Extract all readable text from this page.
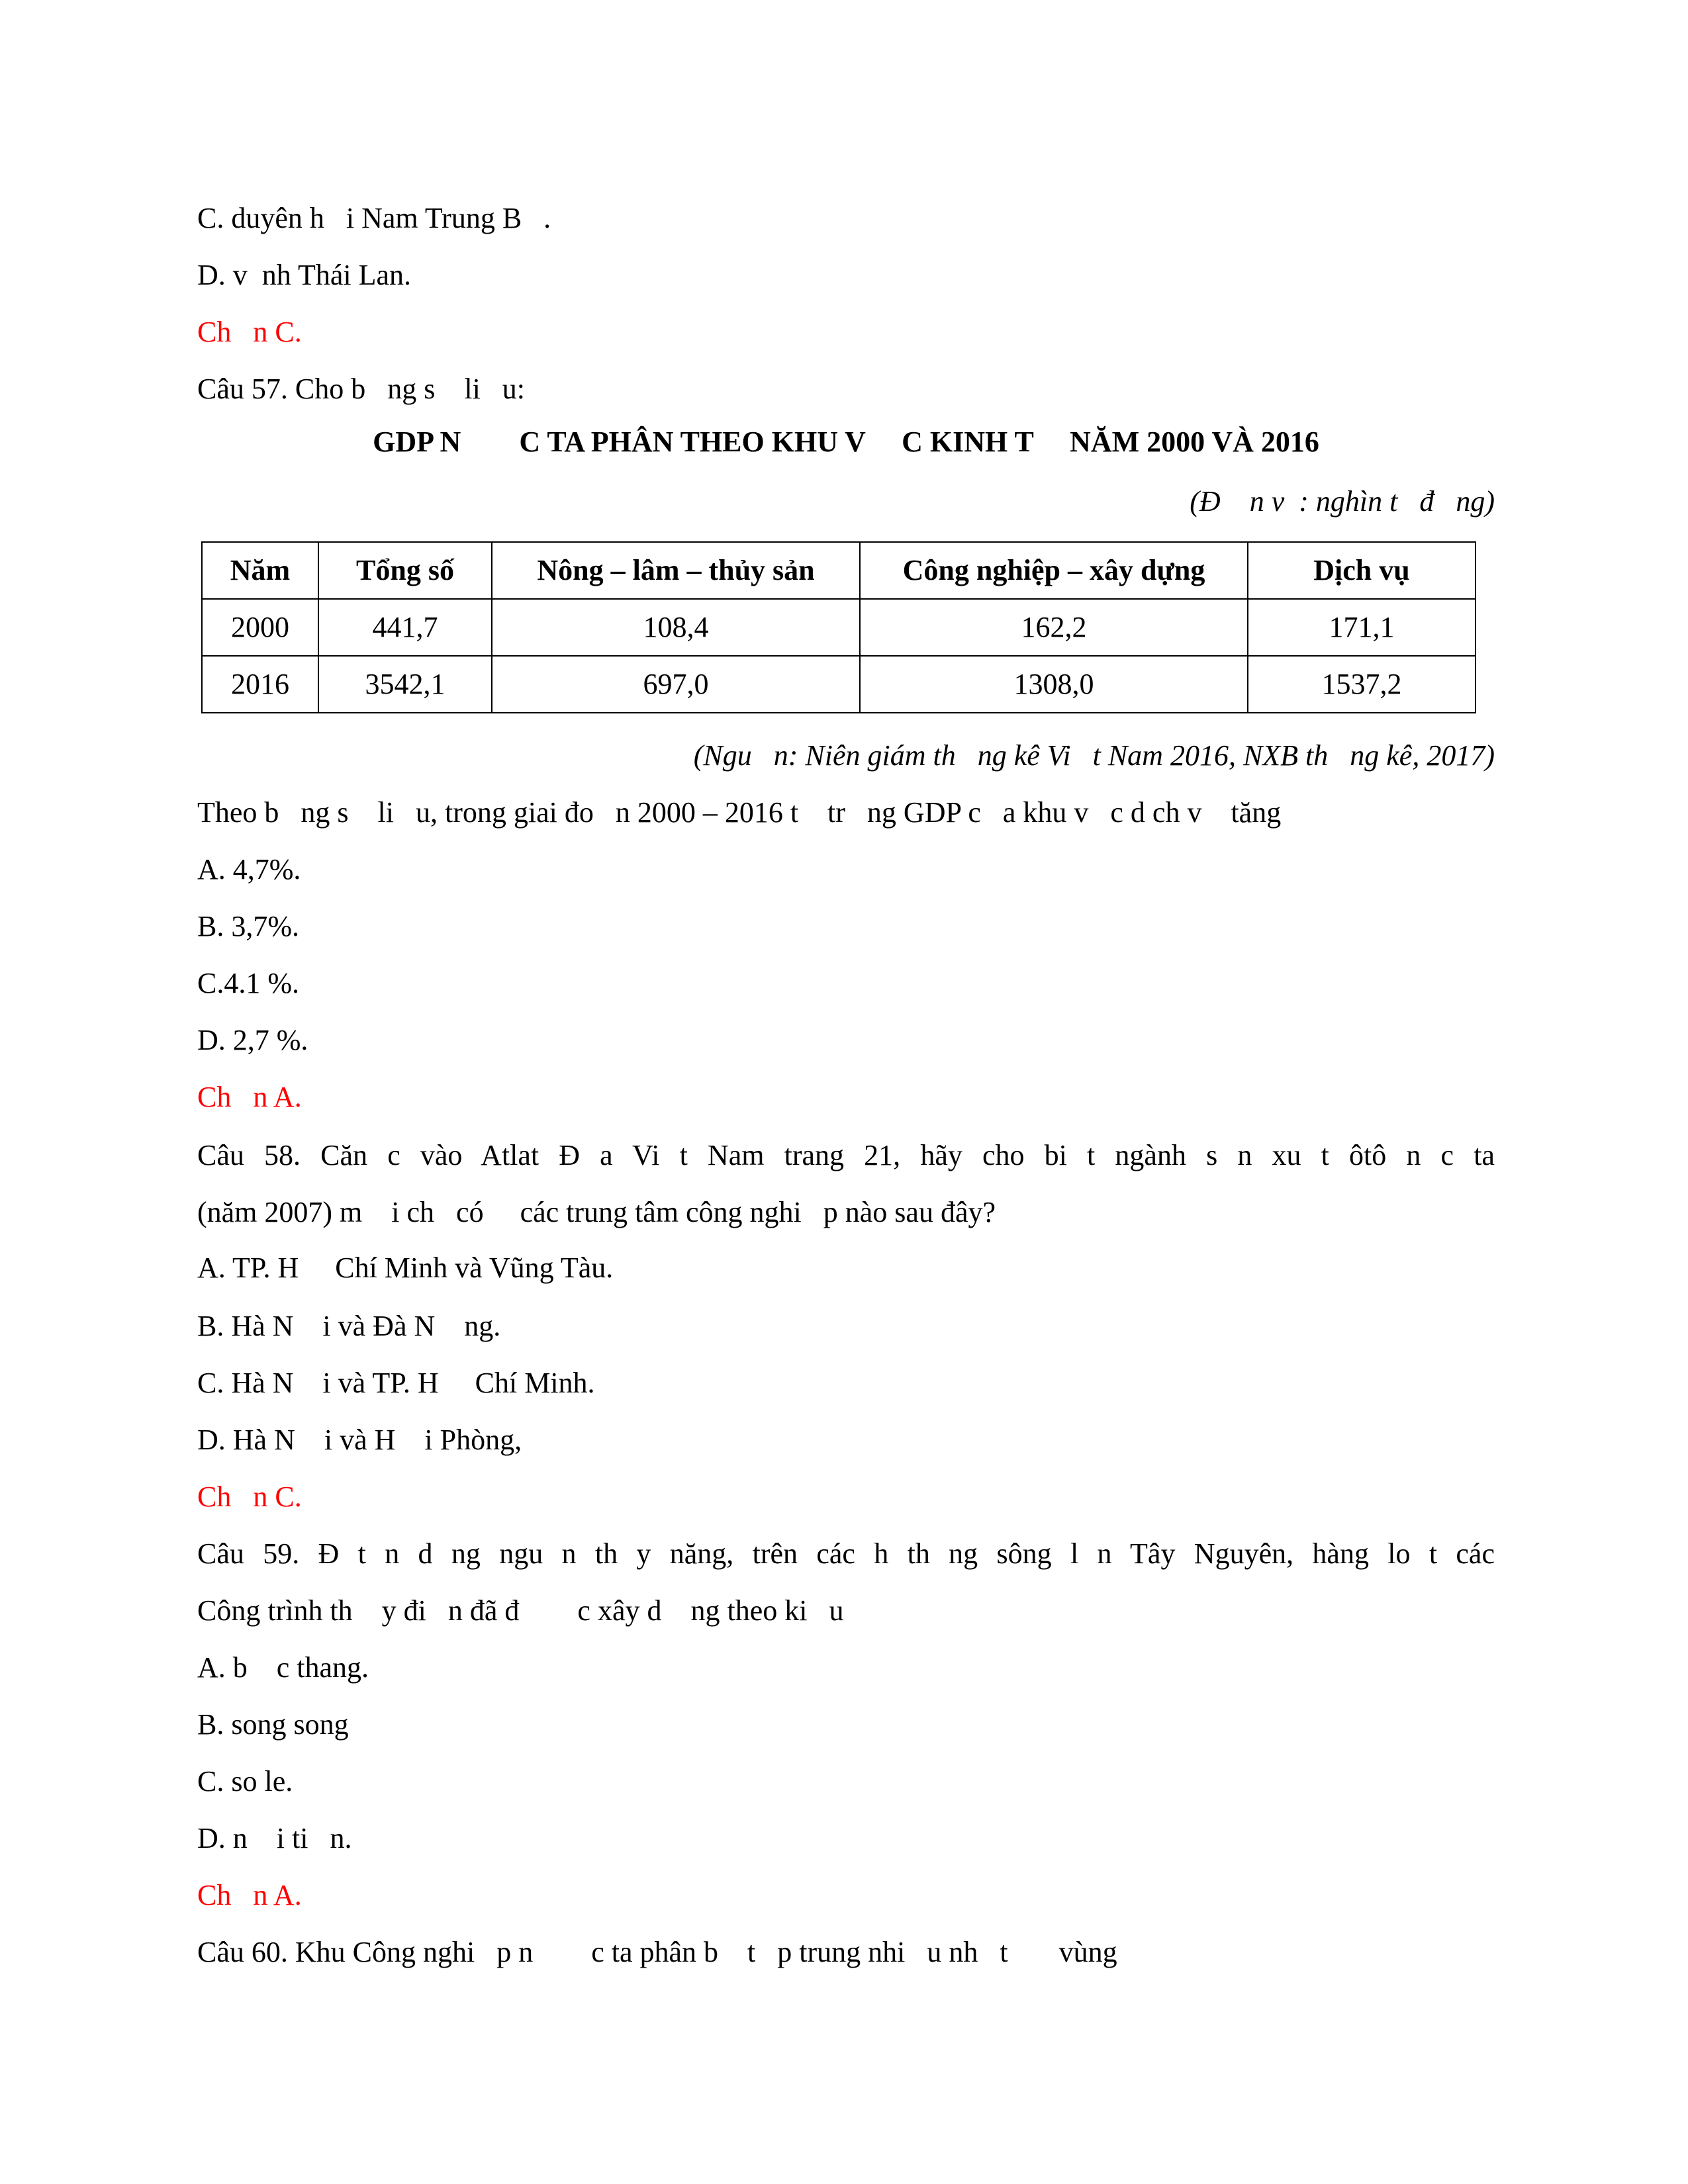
C. duyên h   i Nam Trung B   .
D. v  nh Thái Lan.
Ch   n C.
Câu 57. Cho b   ng s    li   u:
GDP N        C TA PHÂN THEO KHU V     C KINH T     NĂM 2000 VÀ 2016
(Đ    n v  : nghìn t   đ   ng)
Năm	Tổng số	Nông – lâm – thủy sản	Công nghiệp – xây dựng	Dịch vụ
2000	441,7	108,4	162,2	171,1
2016	3542,1	697,0	1308,0	1537,2
(Ngu   n: Niên giám th   ng kê Vi   t Nam 2016, NXB th   ng kê, 2017)
Theo b   ng s    li   u, trong giai đo   n 2000 – 2016 t    tr   ng GDP c   a khu v   c d ch v    tăng
A. 4,7%.
B. 3,7%.
C.4.1 %.
D. 2,7 %.
Ch   n A.
Câu 58. Căn c vào Atlat Đ a Vi t Nam trang 21, hãy cho bi t ngành s n xu t ôtô n c ta
(năm 2007) m    i ch   có     các trung tâm công nghi   p nào sau đây?
A. TP. H     Chí Minh và Vũng Tàu.
B. Hà N    i và Đà N    ng.
C. Hà N    i và TP. H     Chí Minh.
D. Hà N    i và H    i Phòng,
Ch   n C.
Câu 59. Đ t n d ng ngu n th y năng, trên các h th ng sông l n Tây Nguyên, hàng lo t các
Công trình th    y đi   n đã đ        c xây d    ng theo ki   u
A. b    c thang.
B. song song
C. so le.
D. n    i ti   n.
Ch   n A.
Câu 60. Khu Công nghi   p n        c ta phân b    t   p trung nhi   u nh   t       vùng
